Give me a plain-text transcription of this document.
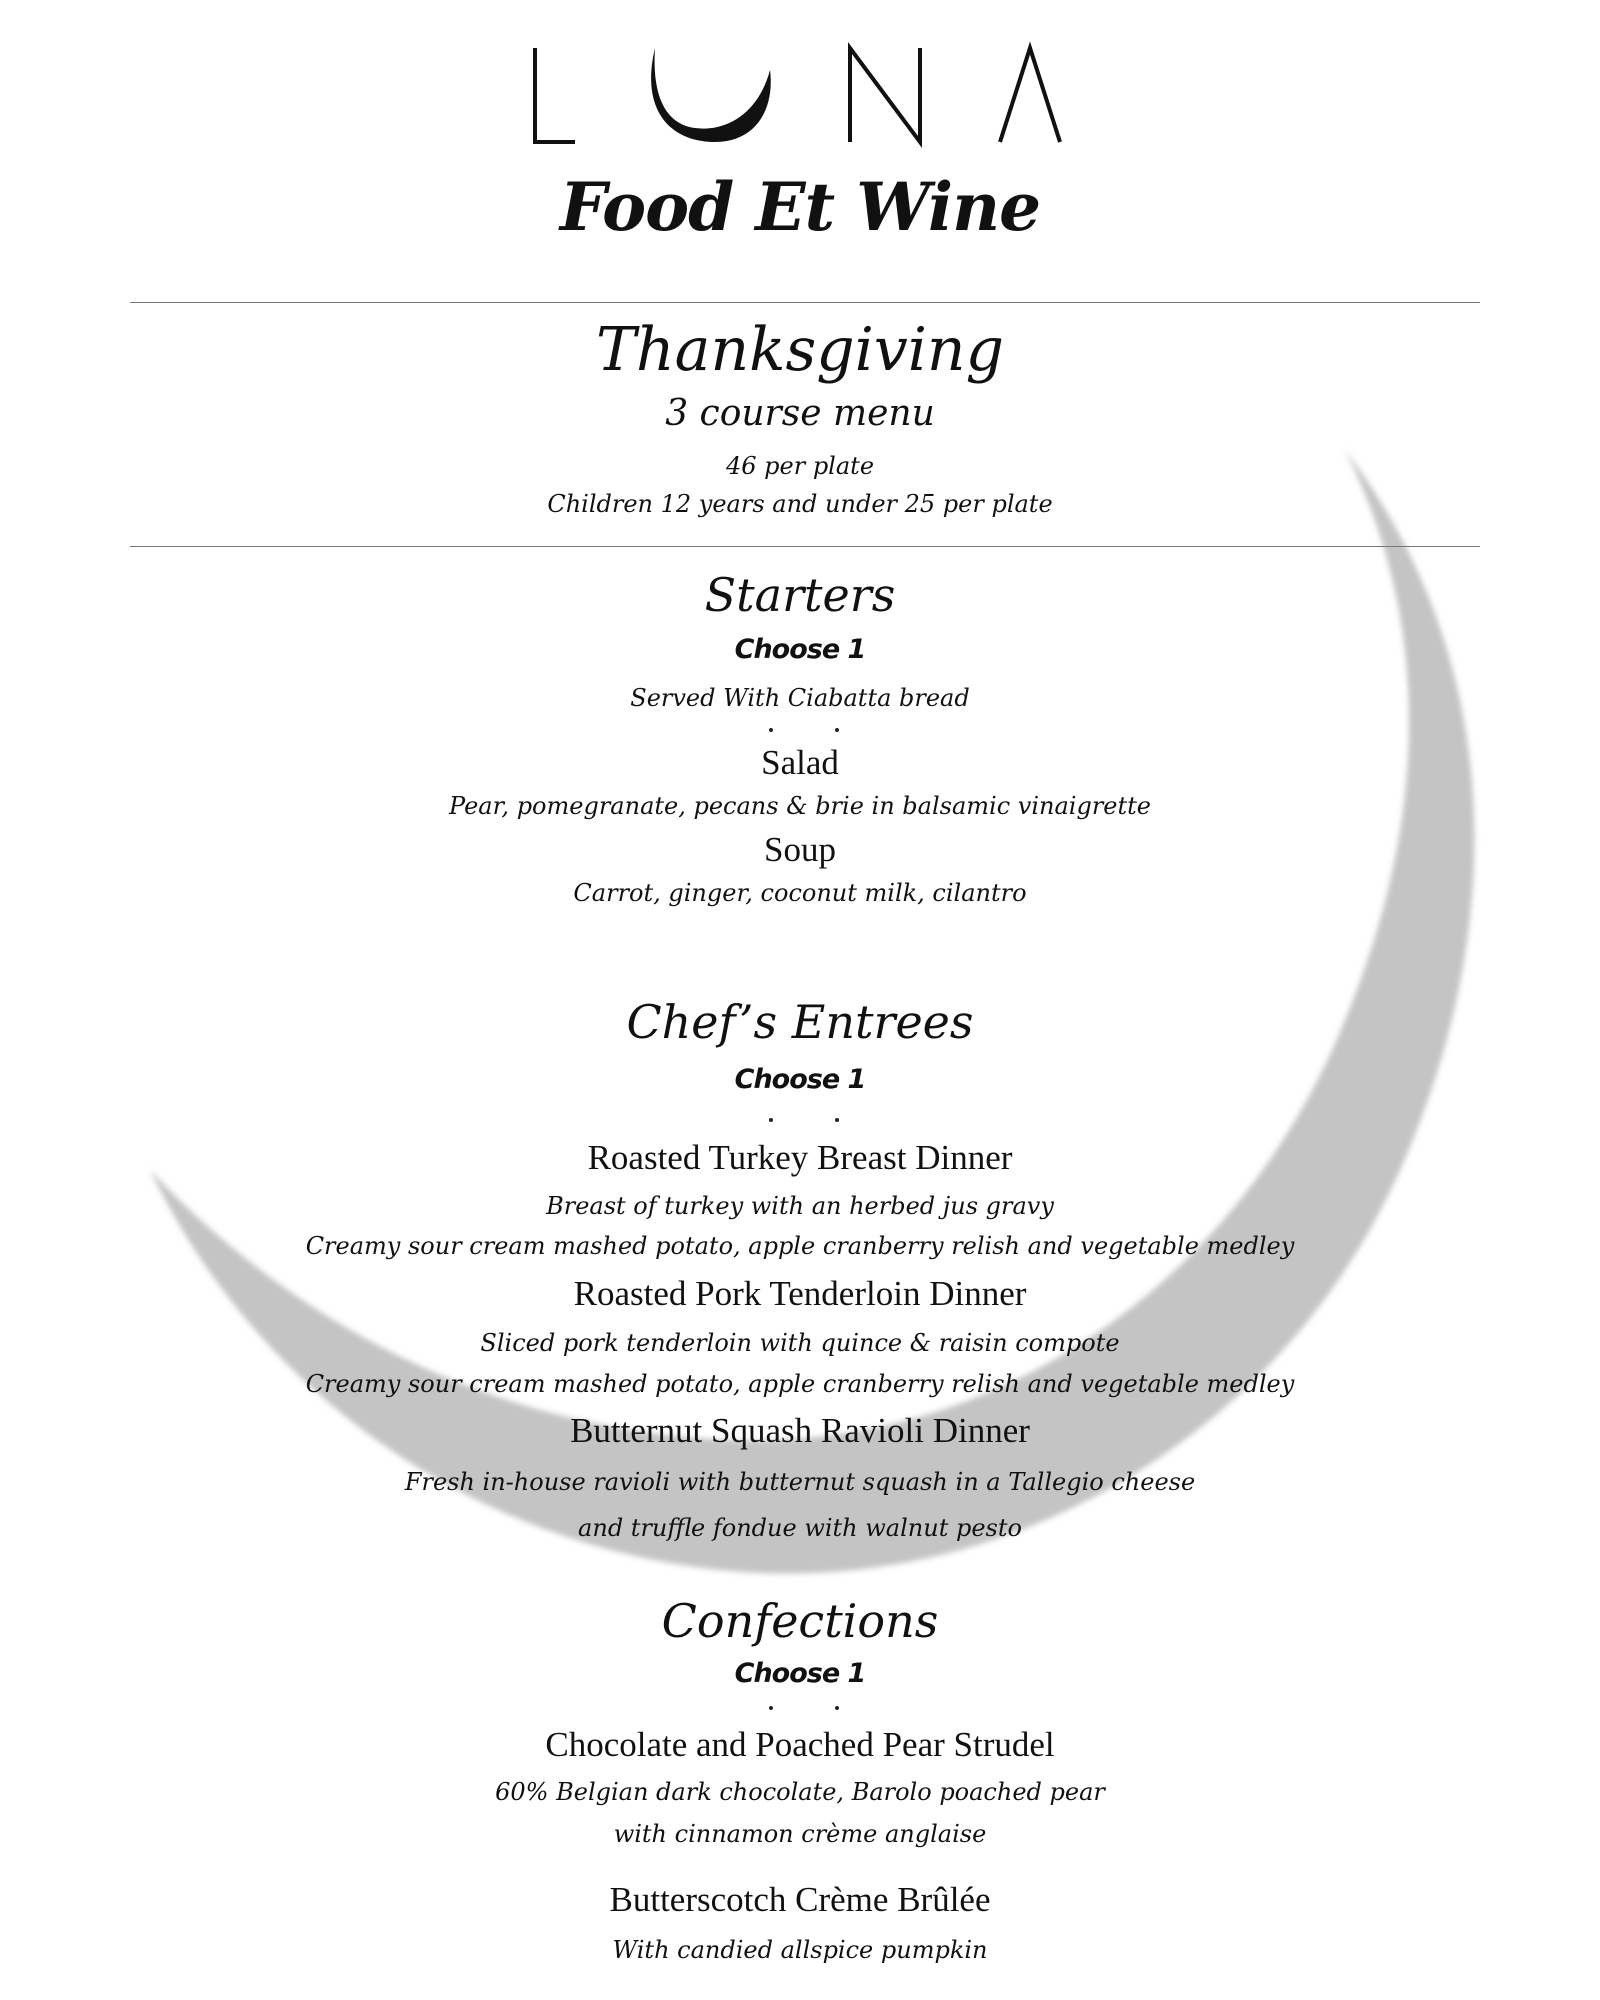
Food Et Wine
Thanksgiving
3 course menu
46 per plate
Children 12 years and under 25 per plate
Starters
Choose 1
Served With Ciabatta bread
Salad
Pear, pomegranate, pecans & brie in balsamic vinaigrette
Soup
Carrot, ginger, coconut milk, cilantro
Chef’s Entrees
Choose 1
Roasted Turkey Breast Dinner
Breast of turkey with an herbed jus gravy
Creamy sour cream mashed potato, apple cranberry relish and vegetable medley
Roasted Pork Tenderloin Dinner
Sliced pork tenderloin with quince & raisin compote
Creamy sour cream mashed potato, apple cranberry relish and vegetable medley
Butternut Squash Ravioli Dinner
Fresh in-house ravioli with butternut squash in a Tallegio cheese
and truffle fondue with walnut pesto
Confections
Choose 1
Chocolate and Poached Pear Strudel
60% Belgian dark chocolate, Barolo poached pear
with cinnamon crème anglaise
Butterscotch Crème Brûlée
With candied allspice pumpkin
